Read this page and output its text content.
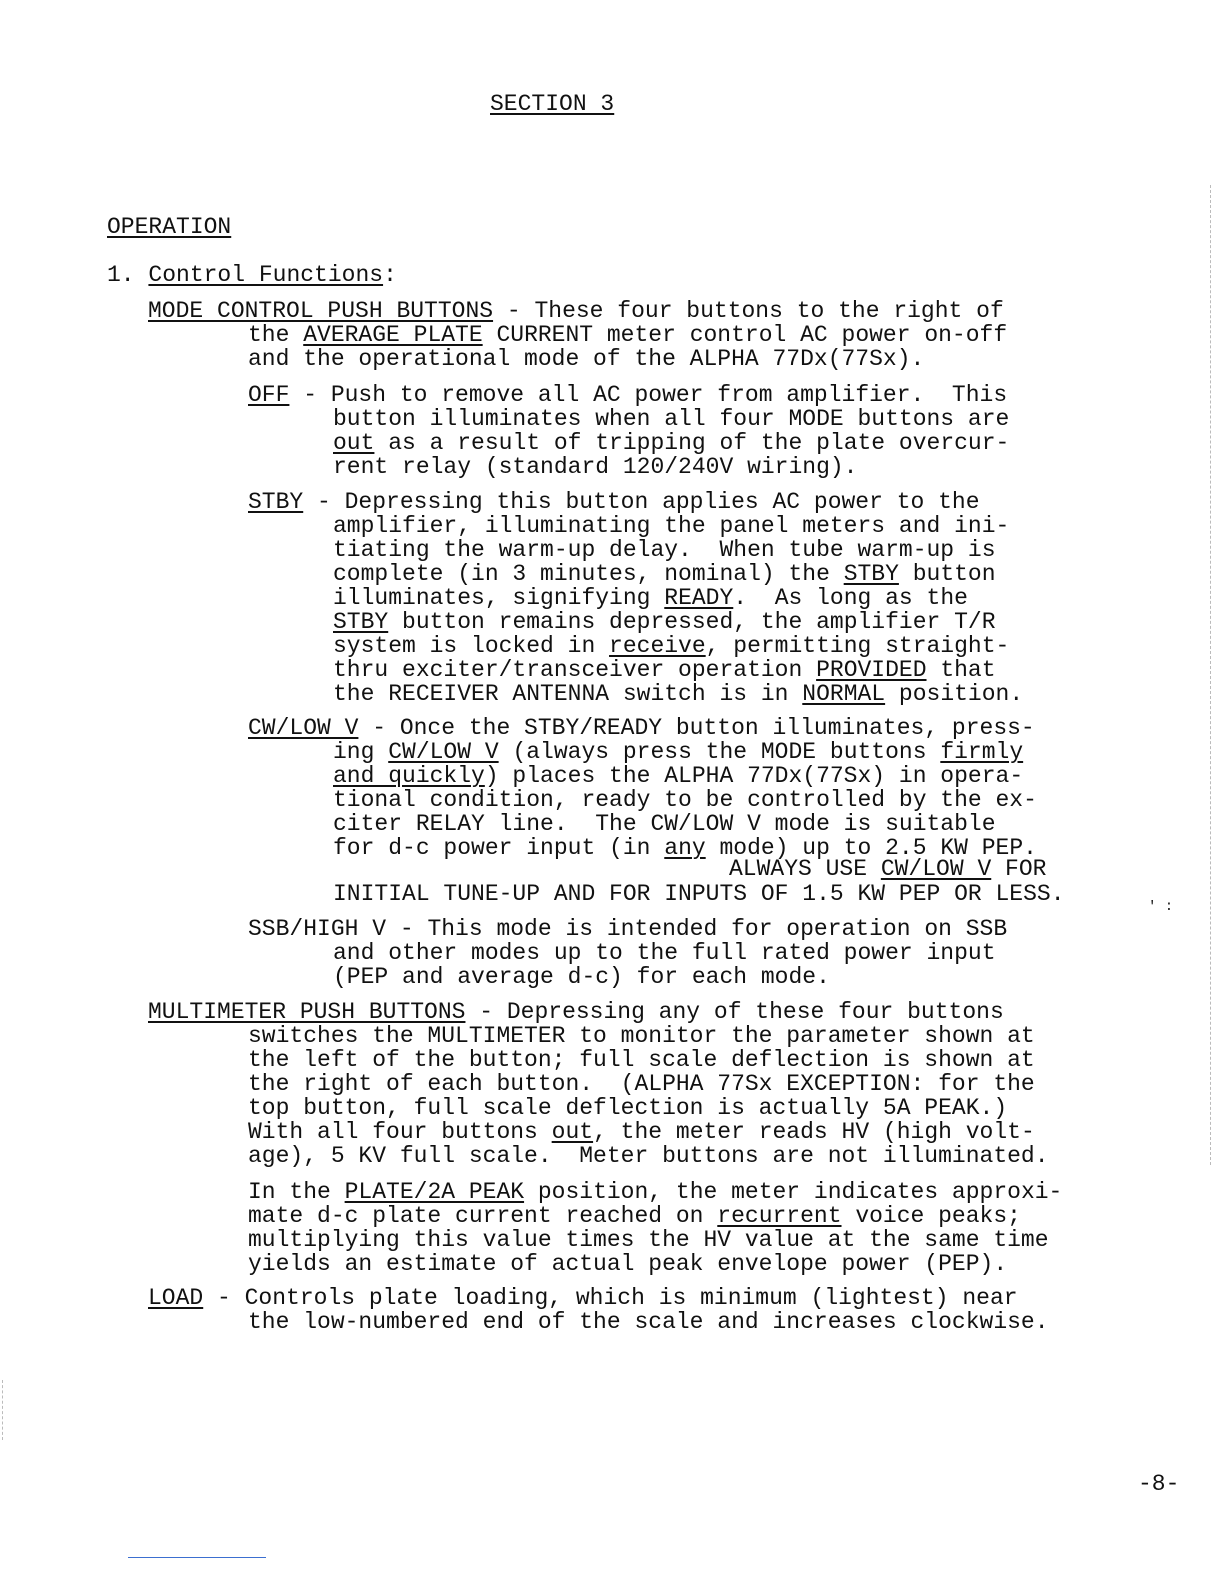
SECTION 3
OPERATION
1. Control Functions:
MODE CONTROL PUSH BUTTONS - These four buttons to the right of
the AVERAGE PLATE CURRENT meter control AC power on-off
and the operational mode of the ALPHA 77Dx(77Sx).
OFF - Push to remove all AC power from amplifier.  This
button illuminates when all four MODE buttons are
out as a result of tripping of the plate overcur-
rent relay (standard 120/240V wiring).
STBY - Depressing this button applies AC power to the
amplifier, illuminating the panel meters and ini-
tiating the warm-up delay.  When tube warm-up is
complete (in 3 minutes, nominal) the STBY button
illuminates, signifying READY.  As long as the
STBY button remains depressed, the amplifier T/R
system is locked in receive, permitting straight-
thru exciter/transceiver operation PROVIDED that
the RECEIVER ANTENNA switch is in NORMAL position.
CW/LOW V - Once the STBY/READY button illuminates, press-
ing CW/LOW V (always press the MODE buttons firmly
and quickly) places the ALPHA 77Dx(77Sx) in opera-
tional condition, ready to be controlled by the ex-
citer RELAY line.  The CW/LOW V mode is suitable
for d-c power input (in any mode) up to 2.5 KW PEP.
ALWAYS USE CW/LOW V FOR
INITIAL TUNE-UP AND FOR INPUTS OF 1.5 KW PEP OR LESS.
SSB/HIGH V - This mode is intended for operation on SSB
and other modes up to the full rated power input
(PEP and average d-c) for each mode.
MULTIMETER PUSH BUTTONS - Depressing any of these four buttons
switches the MULTIMETER to monitor the parameter shown at
the left of the button; full scale deflection is shown at
the right of each button.  (ALPHA 77Sx EXCEPTION: for the
top button, full scale deflection is actually 5A PEAK.)
With all four buttons out, the meter reads HV (high volt-
age), 5 KV full scale.  Meter buttons are not illuminated.
In the PLATE/2A PEAK position, the meter indicates approxi-
mate d-c plate current reached on recurrent voice peaks;
multiplying this value times the HV value at the same time
yields an estimate of actual peak envelope power (PEP).
LOAD - Controls plate loading, which is minimum (lightest) near
the low-numbered end of the scale and increases clockwise.
' :
-8-
